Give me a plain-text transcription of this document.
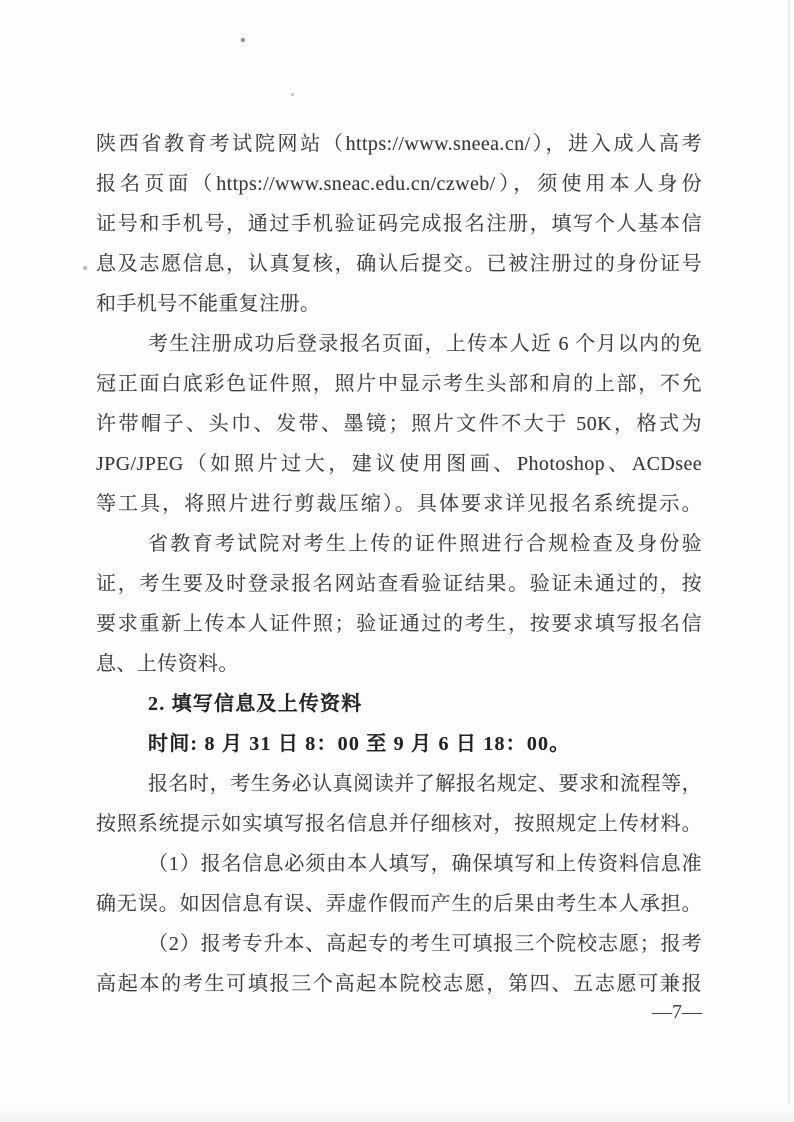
陕西省教育考试院网站（https://www.sneea.cn/），进入成人高考
报名页面（https://www.sneac.edu.cn/czweb/），须使用本人身份
证号和手机号，通过手机验证码完成报名注册，填写个人基本信
息及志愿信息，认真复核，确认后提交。已被注册过的身份证号
和手机号不能重复注册。
考生注册成功后登录报名页面，上传本人近 6 个月以内的免
冠正面白底彩色证件照，照片中显示考生头部和肩的上部，不允
许带帽子、头巾、发带、墨镜；照片文件不大于 50K，格式为
JPG/JPEG（如照片过大，建议使用图画、Photoshop、ACDsee
等工具，将照片进行剪裁压缩）。具体要求详见报名系统提示。
省教育考试院对考生上传的证件照进行合规检查及身份验
证，考生要及时登录报名网站查看验证结果。验证未通过的，按
要求重新上传本人证件照；验证通过的考生，按要求填写报名信
息、上传资料。
2. 填写信息及上传资料
时间: 8 月 31 日 8：00 至 9 月 6 日 18：00。
报名时，考生务必认真阅读并了解报名规定、要求和流程等，
按照系统提示如实填写报名信息并仔细核对，按照规定上传材料。
（1）报名信息必须由本人填写，确保填写和上传资料信息准
确无误。如因信息有误、弄虚作假而产生的后果由考生本人承担。
（2）报考专升本、高起专的考生可填报三个院校志愿；报考
高起本的考生可填报三个高起本院校志愿，第四、五志愿可兼报
—7—
